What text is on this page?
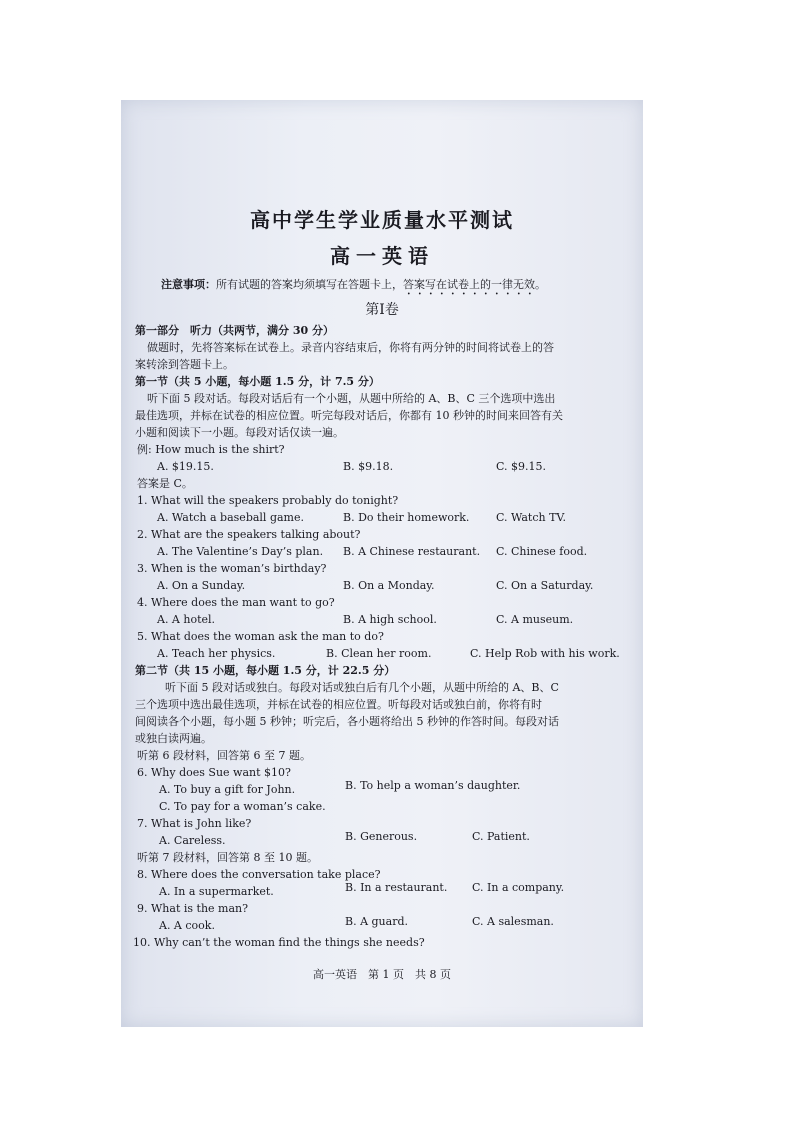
高中学生学业质量水平测试
高一英语
注意事项：所有试题的答案均须填写在答题卡上，答案写在试卷上的一律无效。
第Ⅰ卷
第一部分　听力（共两节，满分 30 分）
做题时，先将答案标在试卷上。录音内容结束后，你将有两分钟的时间将试卷上的答
案转涂到答题卡上。
第一节（共 5 小题，每小题 1.5 分，计 7.5 分）
听下面 5 段对话。每段对话后有一个小题，从题中所给的 A、B、C 三个选项中选出
最佳选项，并标在试卷的相应位置。听完每段对话后，你都有 10 秒钟的时间来回答有关
小题和阅读下一小题。每段对话仅读一遍。
例: How much is the shirt?
A. $19.15.	B. $9.18.	C. $9.15.
答案是 C。
1. What will the speakers probably do tonight?
A. Watch a baseball game.	B. Do their homework. C. Watch TV.
2. What are the speakers talking about?
A. The Valentine’s Day’s plan. B. A Chinese restaurant. C. Chinese food.
3. When is the woman’s birthday?
A. On a Sunday.	B. On a Monday.	C. On a Saturday.
4. Where does the man want to go?
A. A hotel.	B. A high school.	C. A museum.
5. What does the woman ask the man to do?
A. Teach her physics.	B. Clean her room.	C. Help Rob with his work.
第二节（共 15 小题，每小题 1.5 分，计 22.5 分）
听下面 5 段对话或独白。每段对话或独白后有几个小题，从题中所给的 A、B、C
三个选项中选出最佳选项，并标在试卷的相应位置。听每段对话或独白前，你将有时
间阅读各个小题，每小题 5 秒钟；听完后，各小题将给出 5 秒钟的作答时间。每段对话
或独白读两遍。
听第 6 段材料，回答第 6 至 7 题。
6. Why does Sue want $10?
A. To buy a gift for John.	B. To help a woman’s daughter.
C. To pay for a woman’s cake.
7. What is John like?
A. Careless.	B. Generous.	C. Patient.
听第 7 段材料，回答第 8 至 10 题。
8. Where does the conversation take place?
A. In a supermarket.	B. In a restaurant. C. In a company.
9. What is the man?
A. A cook.	B. A guard.	C. A salesman.
10. Why can’t the woman find the things she needs?
高一英语　第 1 页　共 8 页
